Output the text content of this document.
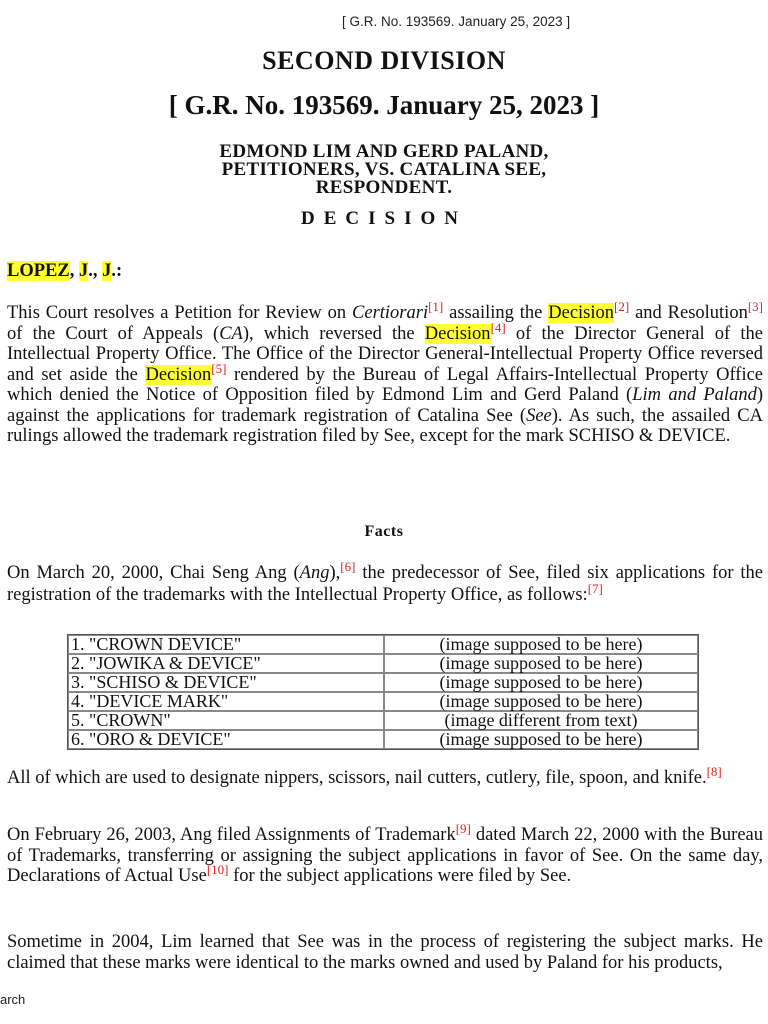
[ G.R. No. 193569. January 25, 2023 ]
SECOND DIVISION
[ G.R. No. 193569. January 25, 2023 ]
EDMOND LIM AND GERD PALAND,
PETITIONERS, VS. CATALINA SEE,
RESPONDENT.
DECISION
LOPEZ, J., J.:
This Court resolves a Petition for Review on Certiorari[1] assailing the Decision[2] and Resolution[3] of the Court of Appeals (CA), which reversed the Decision[4] of the Director General of the Intellectual Property Office. The Office of the Director General-Intellectual Property Office reversed and set aside the Decision[5] rendered by the Bureau of Legal Affairs-Intellectual Property Office which denied the Notice of Opposition filed by Edmond Lim and Gerd Paland (Lim and Paland) against the applications for trademark registration of Catalina See (See). As such, the assailed CA rulings allowed the trademark registration filed by See, except for the mark SCHISO & DEVICE.
Facts
On March 20, 2000, Chai Seng Ang (Ang),[6] the predecessor of See, filed six applications for the registration of the trademarks with the Intellectual Property Office, as follows:[7]
1. "CROWN DEVICE"	(image supposed to be here)
2. "JOWIKA & DEVICE"	(image supposed to be here)
3. "SCHISO & DEVICE"	(image supposed to be here)
4. "DEVICE MARK"	(image supposed to be here)
5. "CROWN"	(image different from text)
6. "ORO & DEVICE"	(image supposed to be here)
All of which are used to designate nippers, scissors, nail cutters, cutlery, file, spoon, and knife.[8]
On February 26, 2003, Ang filed Assignments of Trademark[9] dated March 22, 2000 with the Bureau of Trademarks, transferring or assigning the subject applications in favor of See. On the same day, Declarations of Actual Use[10] for the subject applications were filed by See.
Sometime in 2004, Lim learned that See was in the process of registering the subject marks. He claimed that these marks were identical to the marks owned and used by Paland for his products,
arch
